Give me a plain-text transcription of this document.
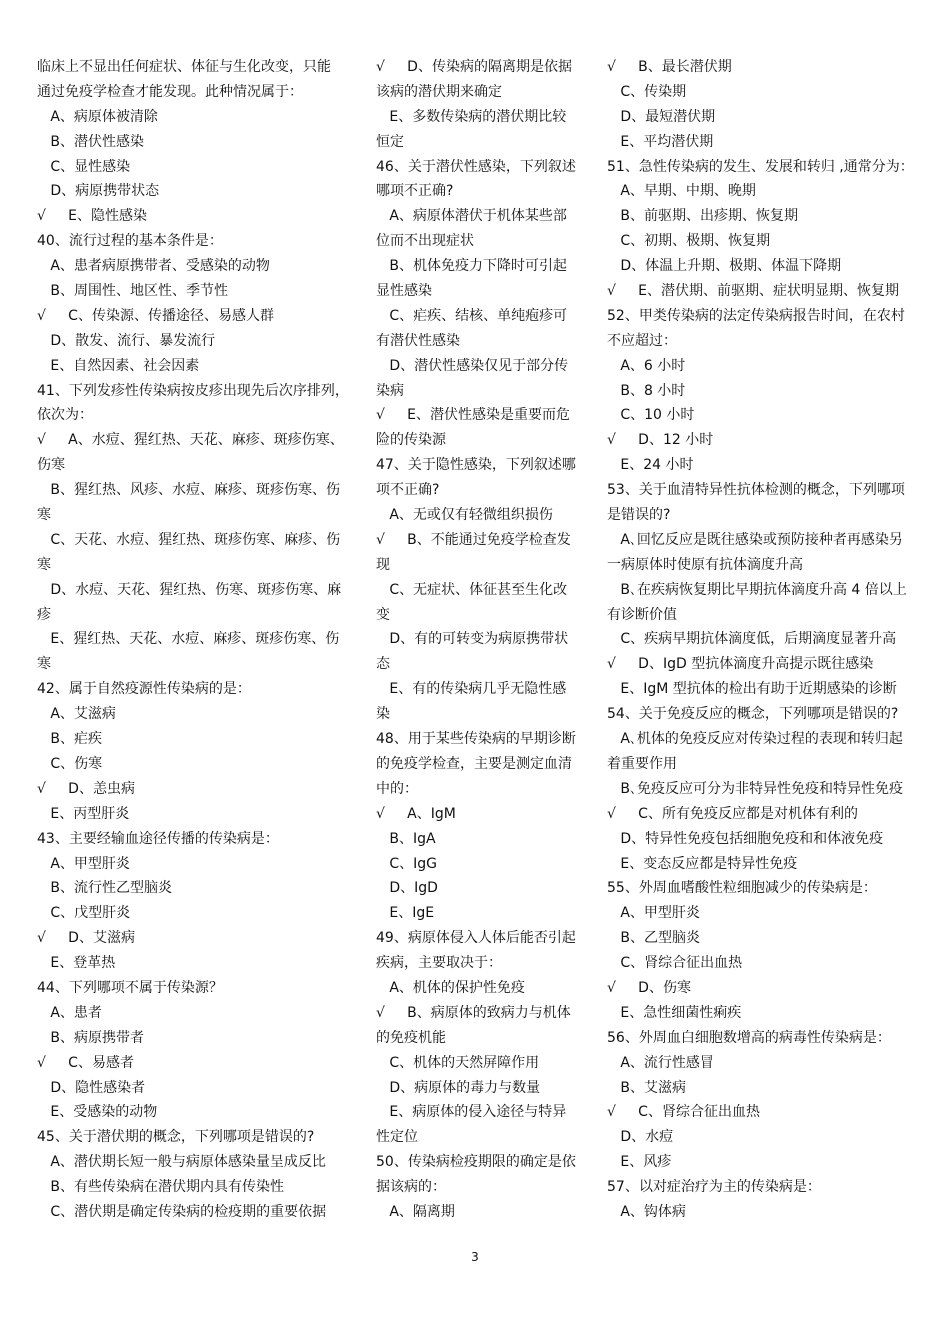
临床上不显出任何症状、体征与生化改变，只能
通过免疫学检查才能发现。此种情况属于：
A、病原体被清除
B、潜伏性感染
C、显性感染
D、病原携带状态
√     E、隐性感染
40、流行过程的基本条件是：
A、患者病原携带者、受感染的动物
B、周围性、地区性、季节性
√     C、传染源、传播途径、易感人群
D、散发、流行、暴发流行
E、自然因素、社会因素
41、下列发疹性传染病按皮疹出现先后次序排列，
依次为：
√     A、水痘、猩红热、天花、麻疹、斑疹伤寒、
伤寒
B、猩红热、风疹、水痘、麻疹、斑疹伤寒、伤
寒
C、天花、水痘、猩红热、斑疹伤寒、麻疹、伤
寒
D、水痘、天花、猩红热、伤寒、斑疹伤寒、麻
疹
E、猩红热、天花、水痘、麻疹、斑疹伤寒、伤
寒
42、属于自然疫源性传染病的是：
A、艾滋病
B、疟疾
C、伤寒
√     D、恙虫病
E、丙型肝炎
43、主要经输血途径传播的传染病是：
A、甲型肝炎
B、流行性乙型脑炎
C、戊型肝炎
√     D、艾滋病
E、登革热
44、下列哪项不属于传染源？
A、患者
B、病原携带者
√     C、易感者
D、隐性感染者
E、受感染的动物
45、关于潜伏期的概念，下列哪项是错误的?
A、潜伏期长短一般与病原体感染量呈成反比
B、有些传染病在潜伏期内具有传染性
C、潜伏期是确定传染病的检疫期的重要依据
√     D、传染病的隔离期是依据
该病的潜伏期来确定
E、多数传染病的潜伏期比较
恒定
46、关于潜伏性感染，下列叙述
哪项不正确?
A、病原体潜伏于机体某些部
位而不出现症状
B、机体免疫力下降时可引起
显性感染
C、疟疾、结核、单纯疱疹可
有潜伏性感染
D、潜伏性感染仅见于部分传
染病
√     E、潜伏性感染是重要而危
险的传染源
47、关于隐性感染，下列叙述哪
项不正确?
A、无或仅有轻微组织损伤
√     B、不能通过免疫学检查发
现
C、无症状、体征甚至生化改
变
D、有的可转变为病原携带状
态
E、有的传染病几乎无隐性感
染
48、用于某些传染病的早期诊断
的免疫学检查，主要是测定血清
中的：
√     A、IgM
B、IgA
C、IgG
D、IgD
E、IgE
49、病原体侵入人体后能否引起
疾病，主要取决于：
A、机体的保护性免疫
√     B、病原体的致病力与机体
的免疫机能
C、机体的天然屏障作用
D、病原体的毒力与数量
E、病原体的侵入途径与特异
性定位
50、传染病检疫期限的确定是依
据该病的：
A、隔离期
√     B、最长潜伏期
C、传染期
D、最短潜伏期
E、平均潜伏期
51、急性传染病的发生、发展和转归 ,通常分为：
A、早期、中期、晚期
B、前驱期、出疹期、恢复期
C、初期、极期、恢复期
D、体温上升期、极期、体温下降期
√     E、潜伏期、前驱期、症状明显期、恢复期
52、甲类传染病的法定传染病报告时间，在农村
不应超过：
A、6 小时
B、8 小时
C、10 小时
√     D、12 小时
E、24 小时
53、关于血清特异性抗体检测的概念，下列哪项
是错误的?
A､回忆反应是既往感染或预防接种者再感染另
一病原体时使原有抗体滴度升高
B､在疾病恢复期比早期抗体滴度升高 4 倍以上
有诊断价值
C、疾病早期抗体滴度低，后期滴度显著升高
√     D、IgD 型抗体滴度升高提示既往感染
E、IgM 型抗体的检出有助于近期感染的诊断
54、关于免疫反应的概念，下列哪项是错误的?
A､机体的免疫反应对传染过程的表现和转归起
着重要作用
B､免疫反应可分为非特异性免疫和特异性免疫
√     C、所有免疫反应都是对机体有利的
D、特异性免疫包括细胞免疫和和体液免疫
E、变态反应都是特异性免疫
55、外周血嗜酸性粒细胞减少的传染病是：
A、甲型肝炎
B、乙型脑炎
C、肾综合征出血热
√     D、伤寒
E、急性细菌性痢疾
56、外周血白细胞数增高的病毒性传染病是：
A、流行性感冒
B、艾滋病
√     C、肾综合征出血热
D、水痘
E、风疹
57、以对症治疗为主的传染病是：
A、钩体病
3
